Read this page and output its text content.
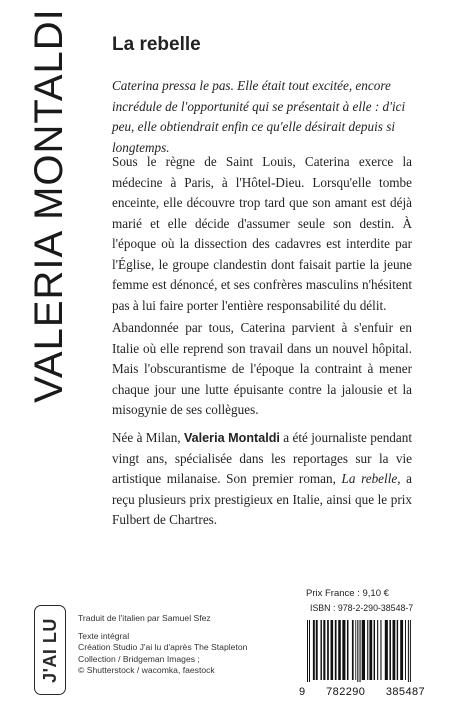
VALERIA MONTALDI La rebelle

Caterina pressa le pas. Elle était tout excitée, encore incrédule de l'opportunité qui se présentait à elle : d'ici peu, elle obtiendrait enfin ce qu'elle désirait depuis si longtemps.

Sous le règne de Saint Louis, Caterina exerce la médecine à Paris, à l'Hôtel-Dieu. Lorsqu'elle tombe enceinte, elle découvre trop tard que son amant est déjà marié et elle décide d'assumer seule son destin. À l'époque où la dissection des cadavres est interdite par l'Église, le groupe clandestin dont faisait partie la jeune femme est dénoncé, et ses confrères masculins n'hésitent pas à lui faire porter l'entière responsabilité du délit.

Abandonnée par tous, Caterina parvient à s'enfuir en Italie où elle reprend son travail dans un nouvel hôpital. Mais l'obscurantisme de l'époque la contraint à mener chaque jour une lutte épuisante contre la jalousie et la misogynie de ses collègues.

Née à Milan, Valeria Montaldi a été journaliste pendant vingt ans, spécialisée dans les reportages sur la vie artistique milanaise. Son premier roman, La rebelle, a reçu plusieurs prix prestigieux en Italie, ainsi que le prix Fulbert de Chartres.

J'AI LU Traduit de l'italien par Samuel Sfez
Texte intégral
Création Studio J'ai lu d'après The Stapleton
Collection / Bridgeman Images ;
© Shutterstock / wacomka, faestock
Prix France : 9,10 €
ISBN : 978-2-290-38548-7
9 782290 385487
